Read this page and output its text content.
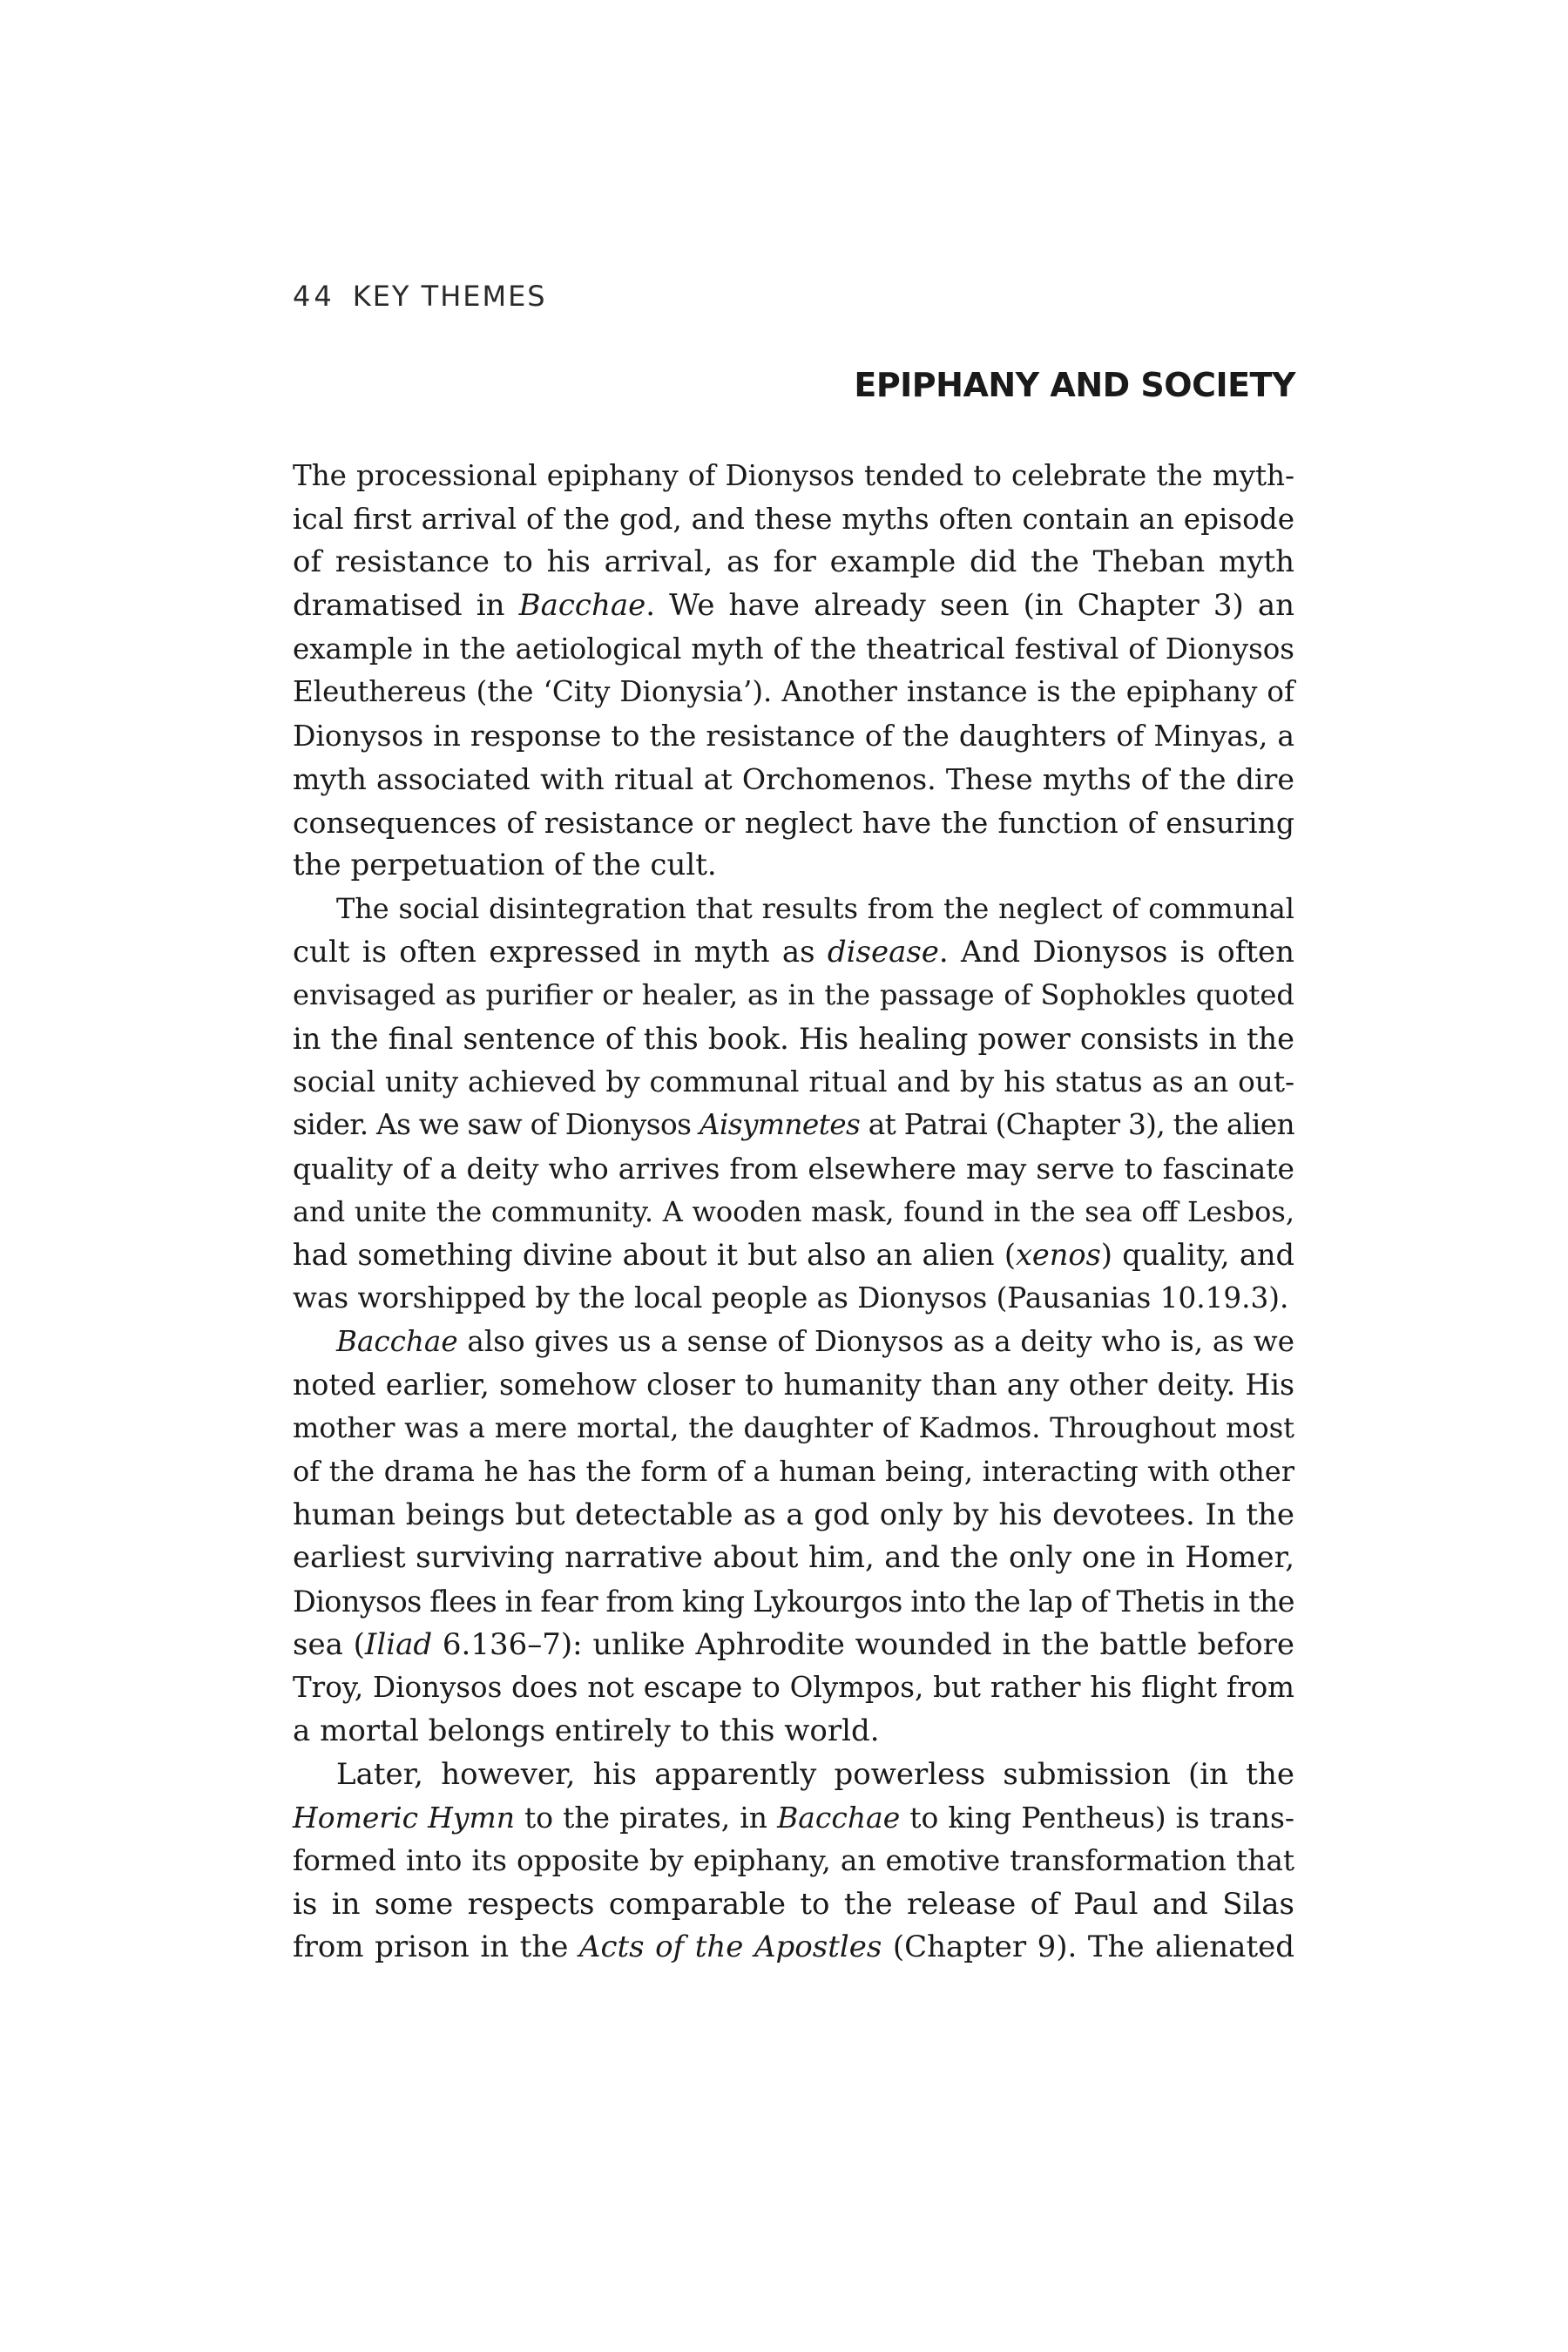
44 KEY THEMES
EPIPHANY AND SOCIETY
The processional epiphany of Dionysos tended to celebrate the myth-
ical first arrival of the god, and these myths often contain an episode
of resistance to his arrival, as for example did the Theban myth
dramatised in Bacchae. We have already seen (in Chapter 3) an
example in the aetiological myth of the theatrical festival of Dionysos
Eleuthereus (the ‘City Dionysia’). Another instance is the epiphany of
Dionysos in response to the resistance of the daughters of Minyas, a
myth associated with ritual at Orchomenos. These myths of the dire
consequences of resistance or neglect have the function of ensuring
the perpetuation of the cult.
The social disintegration that results from the neglect of communal
cult is often expressed in myth as disease. And Dionysos is often
envisaged as purifier or healer, as in the passage of Sophokles quoted
in the final sentence of this book. His healing power consists in the
social unity achieved by communal ritual and by his status as an out-
sider. As we saw of Dionysos Aisymnetes at Patrai (Chapter 3), the alien
quality of a deity who arrives from elsewhere may serve to fascinate
and unite the community. A wooden mask, found in the sea off Lesbos,
had something divine about it but also an alien (xenos) quality, and
was worshipped by the local people as Dionysos (Pausanias 10.19.3).
Bacchae also gives us a sense of Dionysos as a deity who is, as we
noted earlier, somehow closer to humanity than any other deity. His
mother was a mere mortal, the daughter of Kadmos. Throughout most
of the drama he has the form of a human being, interacting with other
human beings but detectable as a god only by his devotees. In the
earliest surviving narrative about him, and the only one in Homer,
Dionysos flees in fear from king Lykourgos into the lap of Thetis in the
sea (Iliad 6.136–7): unlike Aphrodite wounded in the battle before
Troy, Dionysos does not escape to Olympos, but rather his flight from
a mortal belongs entirely to this world.
Later, however, his apparently powerless submission (in the
Homeric Hymn to the pirates, in Bacchae to king Pentheus) is trans-
formed into its opposite by epiphany, an emotive transformation that
is in some respects comparable to the release of Paul and Silas
from prison in the Acts of the Apostles (Chapter 9). The alienated
